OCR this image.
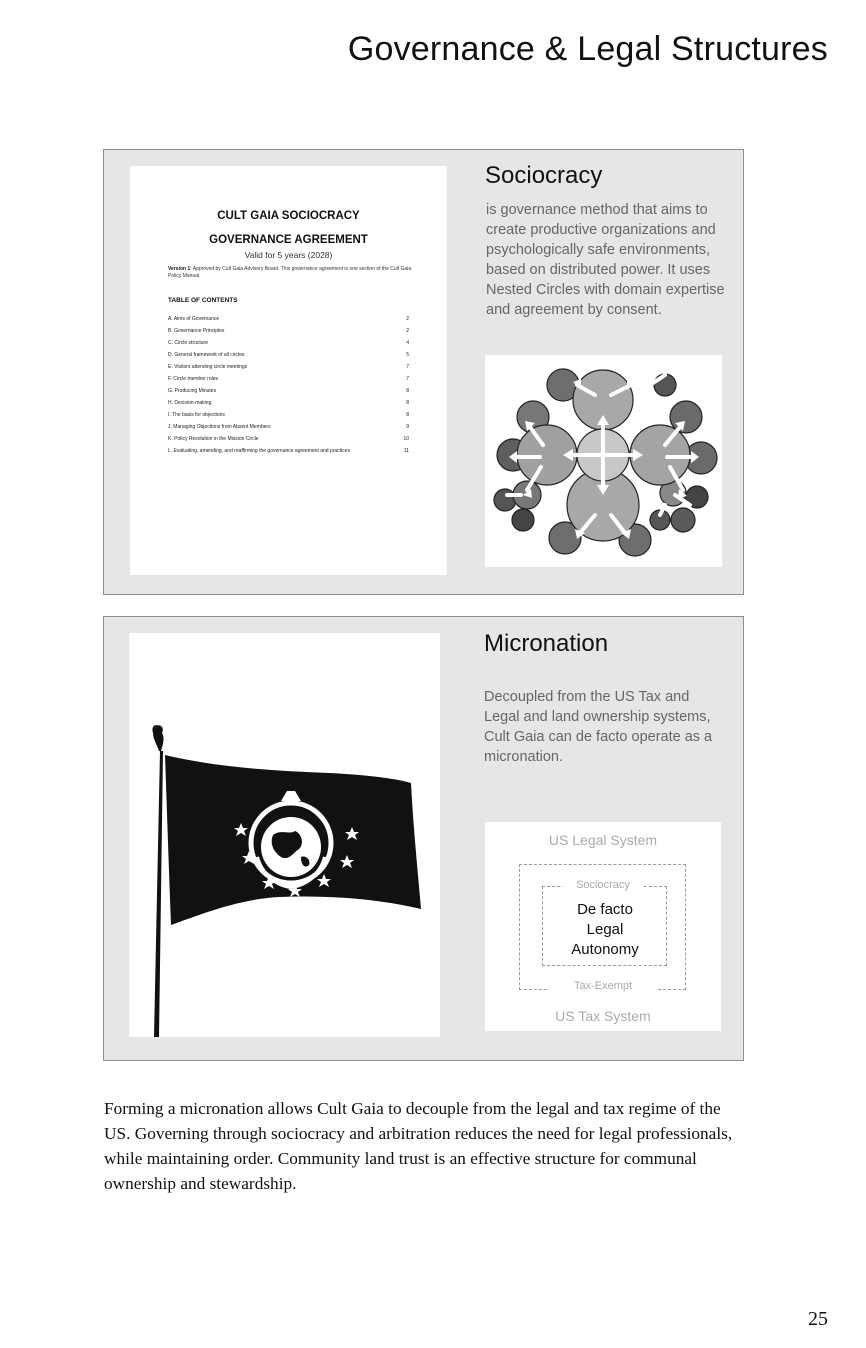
Governance & Legal Structures
CULT GAIA SOCIOCRACY
GOVERNANCE AGREEMENT
Valid for 5 years (2028)
Version 1: Approved by Cult Gaia Advisory Board. This governance agreement is one section of the Cult Gaia Policy Manual.
TABLE OF CONTENTS
A. Aims of Governance	2
B. Governance Principles	2
C. Circle structure	4
D. General framework of all circles	5
E. Visitors attending circle meetings	7
F. Circle member roles	7
G. Producing Minutes	8
H. Decision-making	8
I. The basis for objections	8
J. Managing Objections from Absent Members	9
K. Policy Resolution in the Mission Circle	10
L. Evaluating, amending, and reaffirming the governance agreement and practices	11
Sociocracy
is governance method that aims to create productive organizations and psychologically safe environments, based on distributed power. It uses Nested Circles with domain expertise and agreement by consent.
Micronation
Decoupled from the US Tax and Legal and land ownership systems, Cult Gaia can de facto operate as a micronation.
US Legal System
Tax-Exempt
Sociocracy
De facto
Legal
Autonomy
US Tax System
Forming a micronation allows Cult Gaia to decouple from the legal and tax regime of the US. Governing through sociocracy and arbitration reduces the need for legal professionals, while maintaining order. Community land trust is an effective structure for communal ownership and stewardship.
25
